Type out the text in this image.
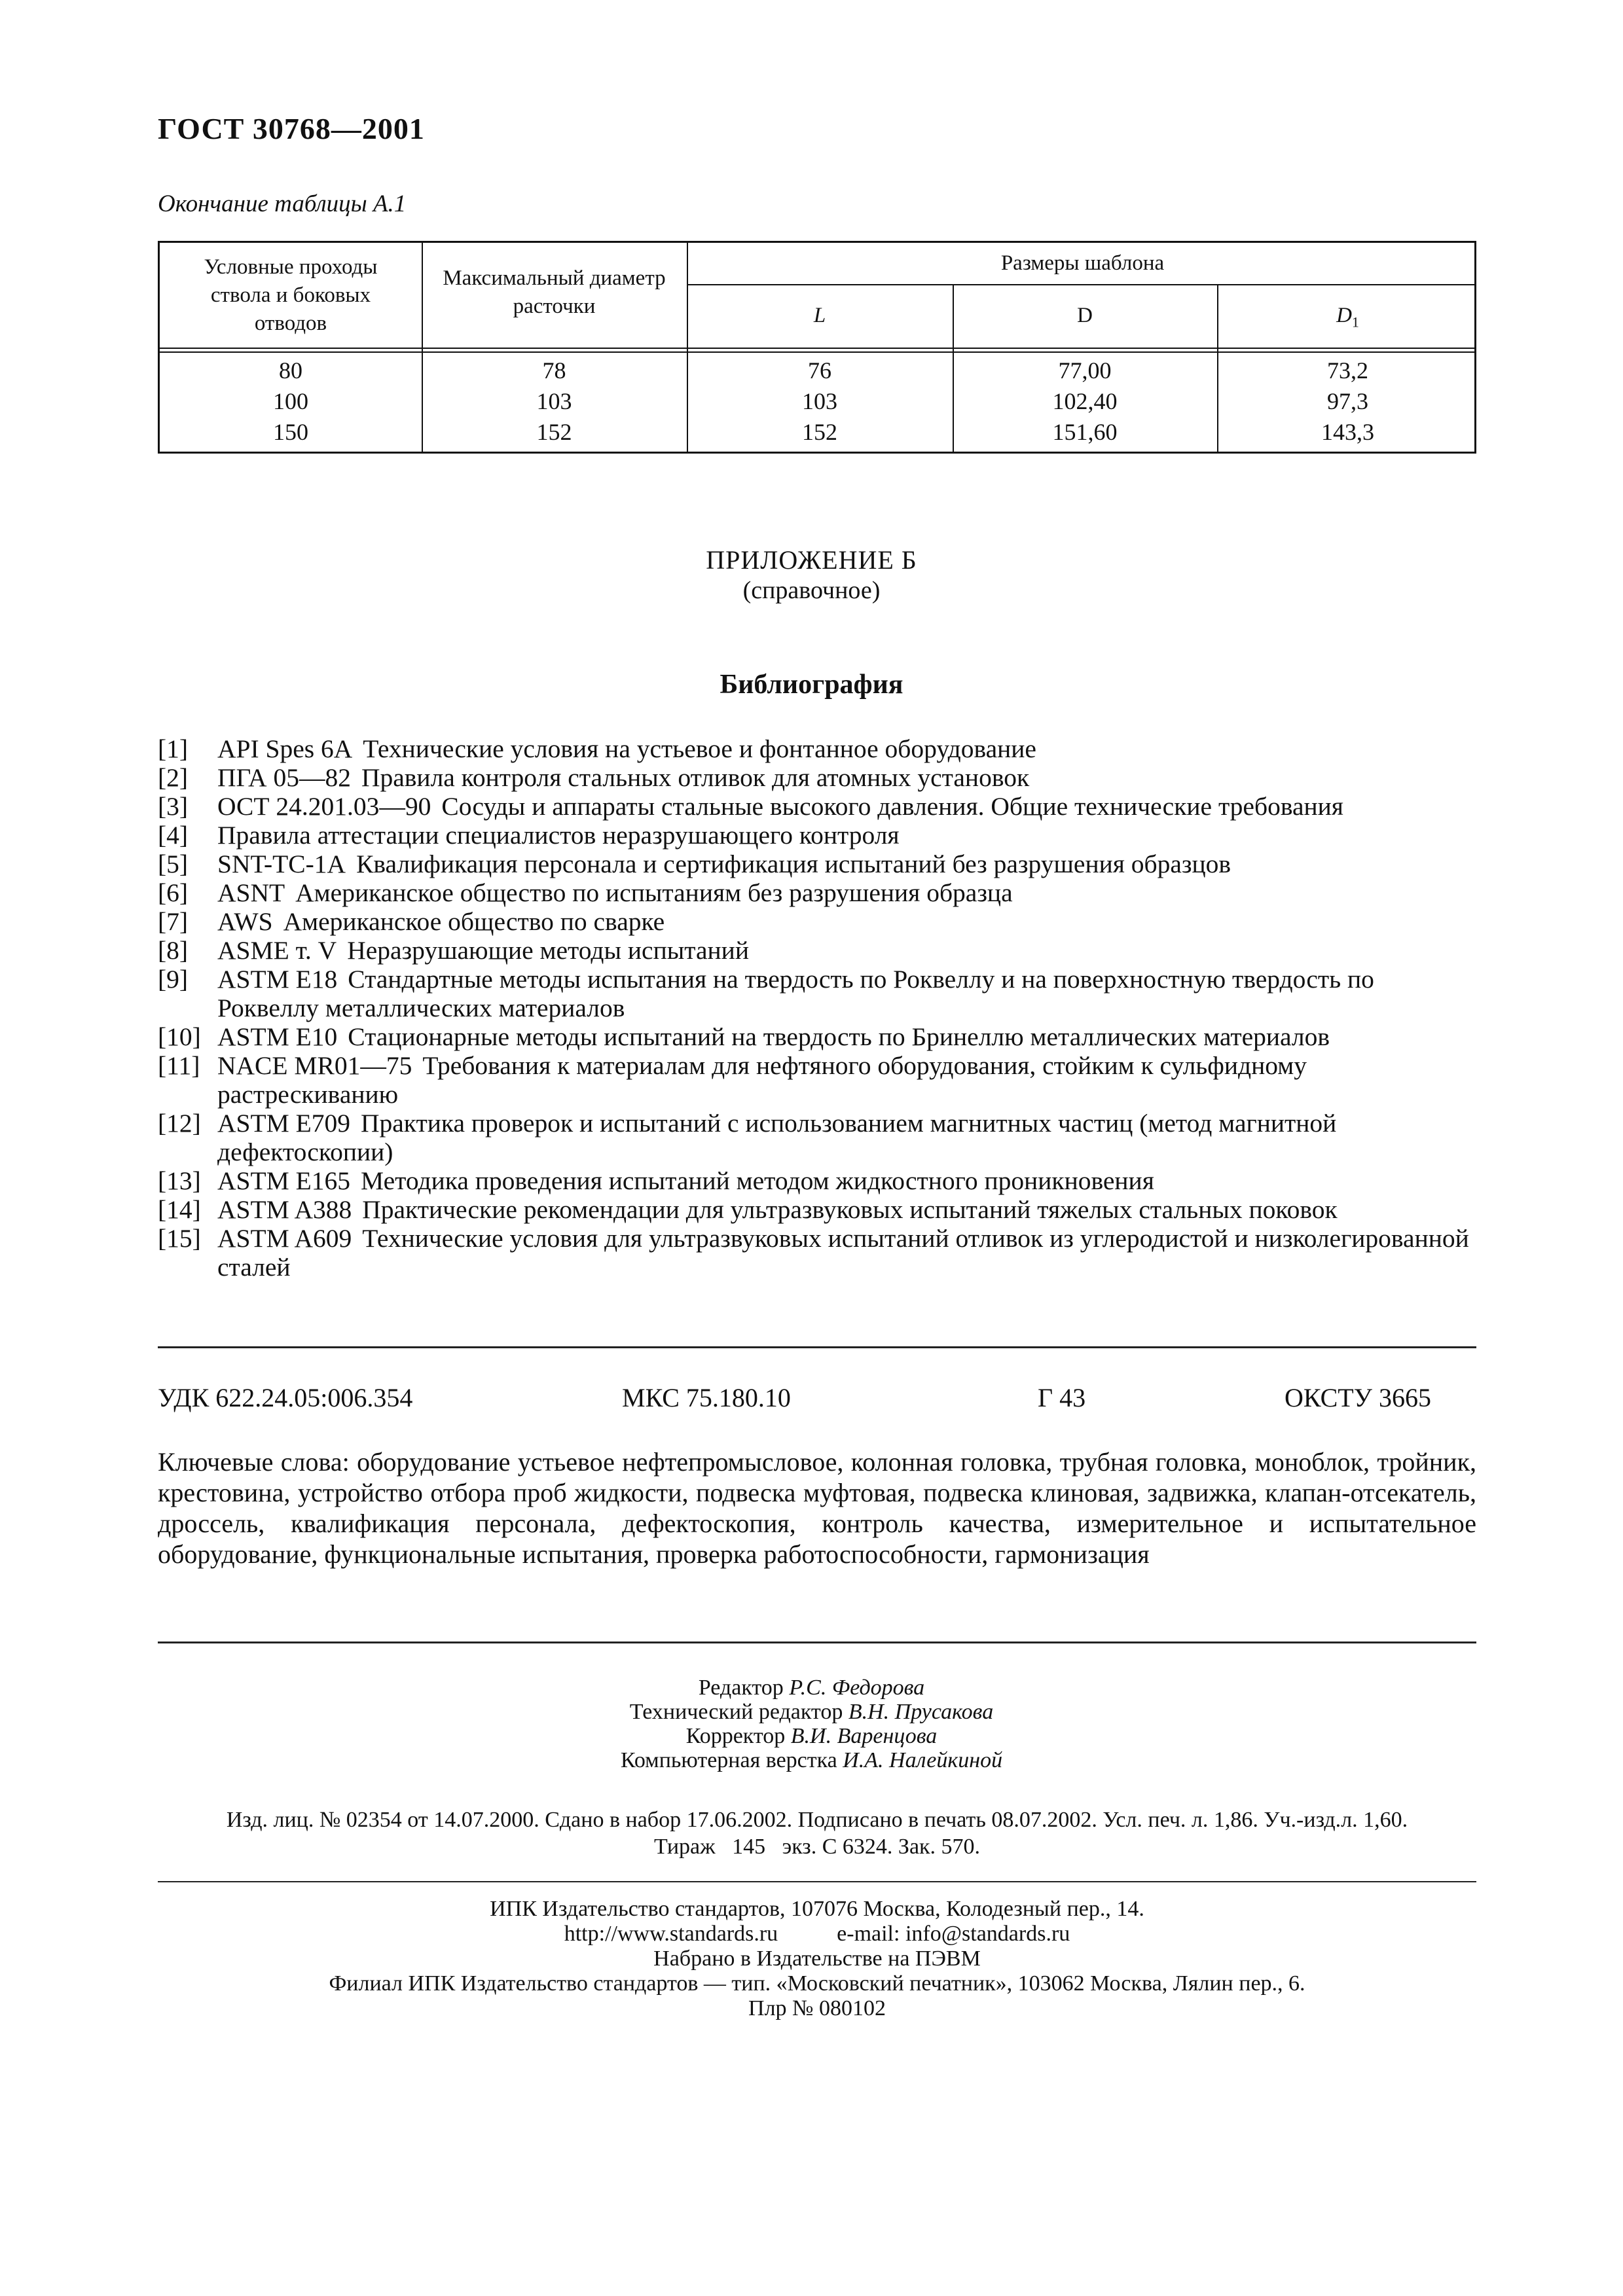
ГОСТ 30768—2001
Окончание таблицы А.1
Условные проходы ствола и боковых отводов
Максимальный диаметр расточки
Размеры шаблона
L	D	$D_1$
80	78	76	77,00	73,2
100	103	103	102,40	97,3
150	152	152	151,60	143,3
ПРИЛОЖЕНИЕ Б
(справочное)
Библиография
[1] API Spes 6A Технические условия на устьевое и фонтанное оборудование
[2] ПГА 05—82 Правила контроля стальных отливок для атомных установок
[3] ОСТ 24.201.03—90 Сосуды и аппараты стальные высокого давления. Общие технические требования
[4] Правила аттестации специалистов неразрушающего контроля
[5] SNT-TC-1A Квалификация персонала и сертификация испытаний без разрушения образцов
[6] ASNT Американское общество по испытаниям без разрушения образца
[7] AWS Американское общество по сварке
[8] ASME т. V Неразрушающие методы испытаний
[9] ASTM E18 Стандартные методы испытания на твердость по Роквеллу и на поверхностную твердость по Роквеллу металлических материалов
[10] ASTM E10 Стационарные методы испытаний на твердость по Бринеллю металлических материалов
[11] NACE MR01—75 Требования к материалам для нефтяного оборудования, стойким к сульфидному растрескиванию
[12] ASTM E709 Практика проверок и испытаний с использованием магнитных частиц (метод магнитной дефектоскопии)
[13] ASTM E165 Методика проведения испытаний методом жидкостного проникновения
[14] ASTM A388 Практические рекомендации для ультразвуковых испытаний тяжелых стальных поковок
[15] ASTM A609 Технические условия для ультразвуковых испытаний отливок из углеродистой и низколегированной сталей
УДК 622.24.05:006.354	МКС 75.180.10	Г 43	ОКСТУ 3665
Ключевые слова: оборудование устьевое нефтепромысловое, колонная головка, трубная головка, моноблок, тройник, крестовина, устройство отбора проб жидкости, подвеска муфтовая, подвеска клиновая, задвижка, клапан-отсекатель, дроссель, квалификация персонала, дефектоскопия, контроль качества, измерительное и испытательное оборудование, функциональные испытания, проверка работоспособности, гармонизация
Редактор Р.С. Федорова
Технический редактор В.Н. Прусакова
Корректор В.И. Варенцова
Компьютерная верстка И.А. Налейкиной
Изд. лиц. № 02354 от 14.07.2000. Сдано в набор 17.06.2002. Подписано в печать 08.07.2002. Усл. печ. л. 1,86. Уч.-изд.л. 1,60.
Тираж   145   экз. С 6324. Зак. 570.
ИПК Издательство стандартов, 107076 Москва, Колодезный пер., 14.
http://www.standards.ru	e-mail: info@standards.ru
Набрано в Издательстве на ПЭВМ
Филиал ИПК Издательство стандартов — тип. «Московский печатник», 103062 Москва, Лялин пер., 6.
Плр № 080102
